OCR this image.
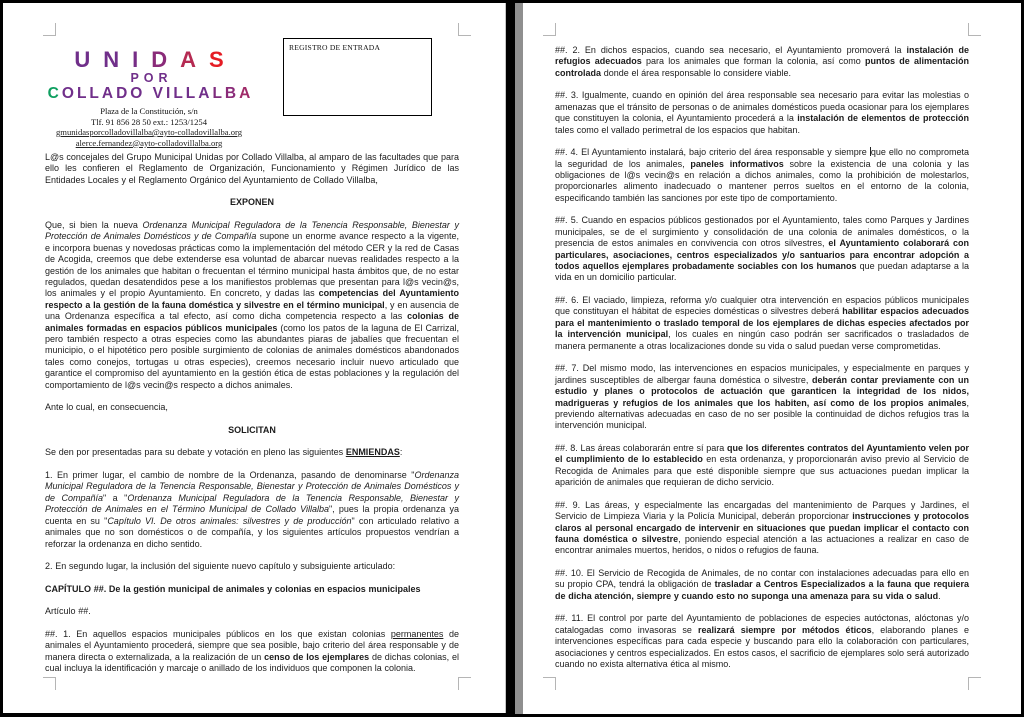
UNIDAS
POR
COLLADO VILLALBA
Plaza de la Constitución, s/n
Tlf. 91 856 28 50 ext.: 1253/1254
gmunidasporcolladovillalba@ayto-colladovillalba.org
alerce.fernandez@ayto-colladovillalba.org
REGISTRO DE ENTRADA
L@s concejales del Grupo Municipal Unidas por Collado Villalba, al amparo de las facultades que para ello les confieren el Reglamento de Organización, Funcionamiento y Régimen Jurídico de las Entidades Locales y el Reglamento Orgánico del Ayuntamiento de Collado Villalba,
EXPONEN
Que, si bien la nueva Ordenanza Municipal Reguladora de la Tenencia Responsable, Bienestar y Protección de Animales Domésticos y de Compañía supone un enorme avance respecto a la vigente, e incorpora buenas y novedosas prácticas como la implementación del método CER y la red de Casas de Acogida, creemos que debe extenderse esa voluntad de abarcar nuevas realidades respecto a la gestión de los animales que habitan o frecuentan el término municipal hasta ámbitos que, de no estar regulados, quedan desatendidos pese a los manifiestos problemas que presentan para l@s vecin@s, los animales y el propio Ayuntamiento. En concreto, y dadas las competencias del Ayuntamiento respecto a la gestión de la fauna doméstica y silvestre en el término municipal, y en ausencia de una Ordenanza específica a tal efecto, así como dicha competencia respecto a las colonias de animales formadas en espacios públicos municipales (como los patos de la laguna de El Carrizal, pero también respecto a otras especies como las abundantes piaras de jabalíes que frecuentan el municipio, o el hipotético pero posible surgimiento de colonias de animales domésticos abandonados tales como conejos, tortugas u otras especies), creemos necesario incluir nuevo articulado que garantice el compromiso del ayuntamiento en la gestión ética de estas poblaciones y la regulación del comportamiento de l@s vecin@s respecto a dichos animales.
Ante lo cual, en consecuencia,
SOLICITAN
Se den por presentadas para su debate y votación en pleno las siguientes ENMIENDAS:
1. En primer lugar, el cambio de nombre de la Ordenanza, pasando de denominarse "Ordenanza Municipal Reguladora de la Tenencia Responsable, Bienestar y Protección de Animales Domésticos y de Compañía" a "Ordenanza Municipal Reguladora de la Tenencia Responsable, Bienestar y Protección de Animales en el Término Municipal de Collado Villalba", pues la propia ordenanza ya cuenta en su "Capítulo VI. De otros animales: silvestres y de producción" con articulado relativo a animales que no son domésticos o de compañía, y los siguientes artículos propuestos vendrían a reforzar la ordenanza en dicho sentido.
2. En segundo lugar, la inclusión del siguiente nuevo capítulo y subsiguiente articulado:
CAPÍTULO ##. De la gestión municipal de animales y colonias en espacios municipales
Artículo ##.
##. 1. En aquellos espacios municipales públicos en los que existan colonias permanentes de animales el Ayuntamiento procederá, siempre que sea posible, bajo criterio del área responsable y de manera directa o externalizada, a la realización de un censo de los ejemplares de dichas colonias, el cual incluya la identificación y marcaje o anillado de los individuos que componen la colonia.
##. 2. En dichos espacios, cuando sea necesario, el Ayuntamiento promoverá la instalación de refugios adecuados para los animales que forman la colonia, así como puntos de alimentación controlada donde el área responsable lo considere viable.
##. 3. Igualmente, cuando en opinión del área responsable sea necesario para evitar las molestias o amenazas que el tránsito de personas o de animales domésticos pueda ocasionar para los ejemplares que constituyen la colonia, el Ayuntamiento procederá a la instalación de elementos de protección tales como el vallado perimetral de los espacios que habitan.
##. 4. El Ayuntamiento instalará, bajo criterio del área responsable y siempre que ello no comprometa la seguridad de los animales, paneles informativos sobre la existencia de una colonia y las obligaciones de l@s vecin@s en relación a dichos animales, como la prohibición de molestarlos, proporcionarles alimento inadecuado o mantener perros sueltos en el entorno de la colonia, especificando también las sanciones por este tipo de comportamiento.
##. 5. Cuando en espacios públicos gestionados por el Ayuntamiento, tales como Parques y Jardines municipales, se de el surgimiento y consolidación de una colonia de animales domésticos, o la presencia de estos animales en convivencia con otros silvestres, el Ayuntamiento colaborará con particulares, asociaciones, centros especializados y/o santuarios para encontrar adopción a todos aquellos ejemplares probadamente sociables con los humanos que puedan adaptarse a la vida en un domicilio particular.
##. 6. El vaciado, limpieza, reforma y/o cualquier otra intervención en espacios públicos municipales que constituyan el hábitat de especies domésticas o silvestres deberá habilitar espacios adecuados para el mantenimiento o traslado temporal de los ejemplares de dichas especies afectados por la intervención municipal, los cuales en ningún caso podrán ser sacrificados o trasladados de manera permanente a otras localizaciones donde su vida o salud puedan verse comprometidas.
##. 7. Del mismo modo, las intervenciones en espacios municipales, y especialmente en parques y jardines susceptibles de albergar fauna doméstica o silvestre, deberán contar previamente con un estudio y planes o protocolos de actuación que garanticen la integridad de los nidos, madrigueras y refugios de los animales que los habiten, así como de los propios animales, previendo alternativas adecuadas en caso de no ser posible la continuidad de dichos refugios tras la intervención municipal.
##. 8. Las áreas colaborarán entre sí para que los diferentes contratos del Ayuntamiento velen por el cumplimiento de lo establecido en esta ordenanza, y proporcionarán aviso previo al Servicio de Recogida de Animales para que esté disponible siempre que sus actuaciones puedan implicar la aparición de animales que requieran de dicho servicio.
##. 9. Las áreas, y especialmente las encargadas del mantenimiento de Parques y Jardines, el Servicio de Limpieza Viaria y la Policía Municipal, deberán proporcionar instrucciones y protocolos claros al personal encargado de intervenir en situaciones que puedan implicar el contacto con fauna doméstica o silvestre, poniendo especial atención a las actuaciones a realizar en caso de encontrar animales muertos, heridos, o nidos o refugios de fauna.
##. 10. El Servicio de Recogida de Animales, de no contar con instalaciones adecuadas para ello en su propio CPA, tendrá la obligación de trasladar a Centros Especializados a la fauna que requiera de dicha atención, siempre y cuando esto no suponga una amenaza para su vida o salud.
##. 11. El control por parte del Ayuntamiento de poblaciones de especies autóctonas, alóctonas y/o catalogadas como invasoras se realizará siempre por métodos éticos, elaborando planes e intervenciones específicas para cada especie y buscando para ello la colaboración con particulares, asociaciones y centros especializados. En estos casos, el sacrificio de ejemplares solo será autorizado cuando no exista alternativa ética al mismo.
